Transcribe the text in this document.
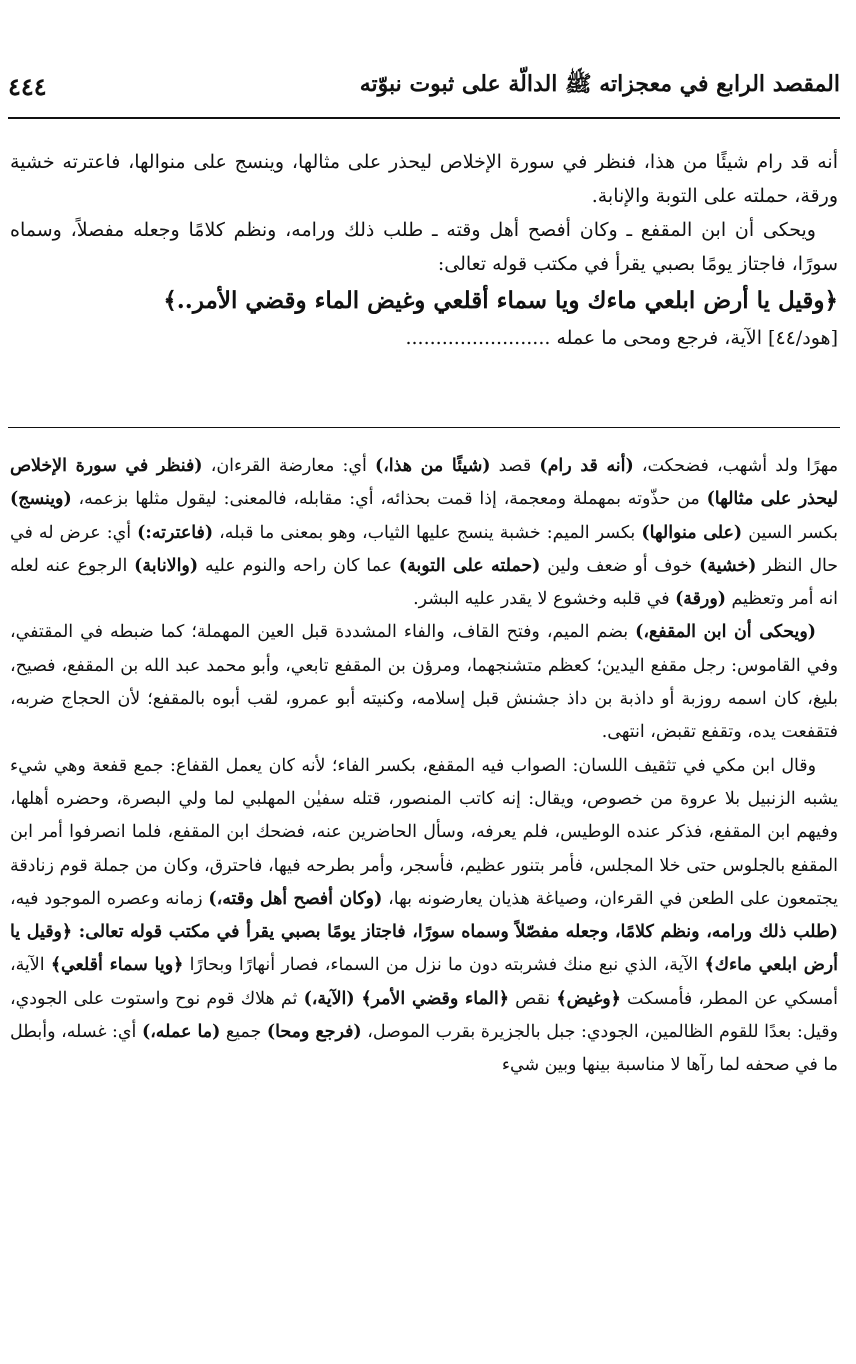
المقصد الرابع في معجزاته ﷺ الدالّة على ثبوت نبوّته
٤٤٤

أنه قد رام شيئًا من هذا، فنظر في سورة الإخلاص ليحذر على مثالها، وينسج على منوالها، فاعترته خشية ورقة، حملته على التوبة والإنابة.

ويحكى أن ابن المقفع ـ وكان أفصح أهل وقته ـ طلب ذلك ورامه، ونظم كلامًا وجعله مفصلاً، وسماه سورًا، فاجتاز يومًا بصبي يقرأ في مكتب قوله تعالى:

﴿وقيل يا أرض ابلعي ماءك ويا سماء أقلعي وغيض الماء وقضي الأمر..﴾

[هود/٤٤] الآية، فرجع ومحى ما عمله ........................

مهرًا ولد أشهب، فضحكت، (أنه قد رام) قصد (شيئًا من هذا،) أي: معارضة القرءان، (فنظر في سورة الإخلاص ليحذر على مثالها) من حذّوته بمهملة ومعجمة، إذا قمت بحذائه، أي: مقابله، فالمعنى: ليقول مثلها بزعمه، (وينسج) بكسر السين (على منوالها) بكسر الميم: خشبة ينسج عليها الثياب، وهو بمعنى ما قبله، (فاعترته:) أي: عرض له في حال النظر (خشية) خوف أو ضعف ولين (حملته على التوبة) عما كان راحه والنوم عليه (والانابة) الرجوع عنه لعله انه أمر وتعظيم (ورقة) في قلبه وخشوع لا يقدر عليه البشر.

(ويحكى أن ابن المقفع،) بضم الميم، وفتح القاف، والفاء المشددة قبل العين المهملة؛ كما ضبطه في المقتفي، وفي القاموس: رجل مقفع اليدين؛ كعظم متشنجهما، ومرؤن بن المقفع تابعي، وأبو محمد عبد الله بن المقفع، فصيح، بليغ، كان اسمه روزبة أو داذبة بن داذ جشنش قبل إسلامه، وكنيته أبو عمرو، لقب أبوه بالمقفع؛ لأن الحجاج ضربه، فتقفعت يده، وتقفع تقبض، انتهى.

وقال ابن مكي في تثقيف اللسان: الصواب فيه المقفع، بكسر الفاء؛ لأنه كان يعمل القفاع: جمع قفعة وهي شيء يشبه الزنبيل بلا عروة من خصوص، ويقال: إنه كاتب المنصور، قتله سفيٰن المهلبي لما ولي البصرة، وحضره أهلها، وفيهم ابن المقفع، فذكر عنده الوطيس، فلم يعرفه، وسأل الحاضرين عنه، فضحك ابن المقفع، فلما انصرفوا أمر ابن المقفع بالجلوس حتى خلا المجلس، فأمر بتنور عظيم، فأسجر، وأمر بطرحه فيها، فاحترق، وكان من جملة قوم زنادقة يجتمعون على الطعن في القرءان، وصياغة هذيان يعارضونه بها، (وكان أفصح أهل وقته،) زمانه وعصره الموجود فيه، (طلب ذلك ورامه، ونظم كلامًا، وجعله مفصّلاً وسماه سورًا، فاجتاز يومًا بصبي يقرأ في مكتب قوله تعالى: ﴿وقيل يا أرض ابلعي ماءك﴾ الآية، الذي نبع منك فشربته دون ما نزل من السماء، فصار أنهارًا وبحارًا ﴿ويا سماء أقلعي﴾ الآية، أمسكي عن المطر، فأمسكت ﴿وغيض﴾ نقص ﴿الماء وقضي الأمر﴾ (الآية،) ثم هلاك قوم نوح واستوت على الجودي، وقيل: بعدًا للقوم الظالمين، الجودي: جبل بالجزيرة بقرب الموصل، (فرجع ومحا) جميع (ما عمله،) أي: غسله، وأبطل ما في صحفه لما رآها لا مناسبة بينها وبين شيء
